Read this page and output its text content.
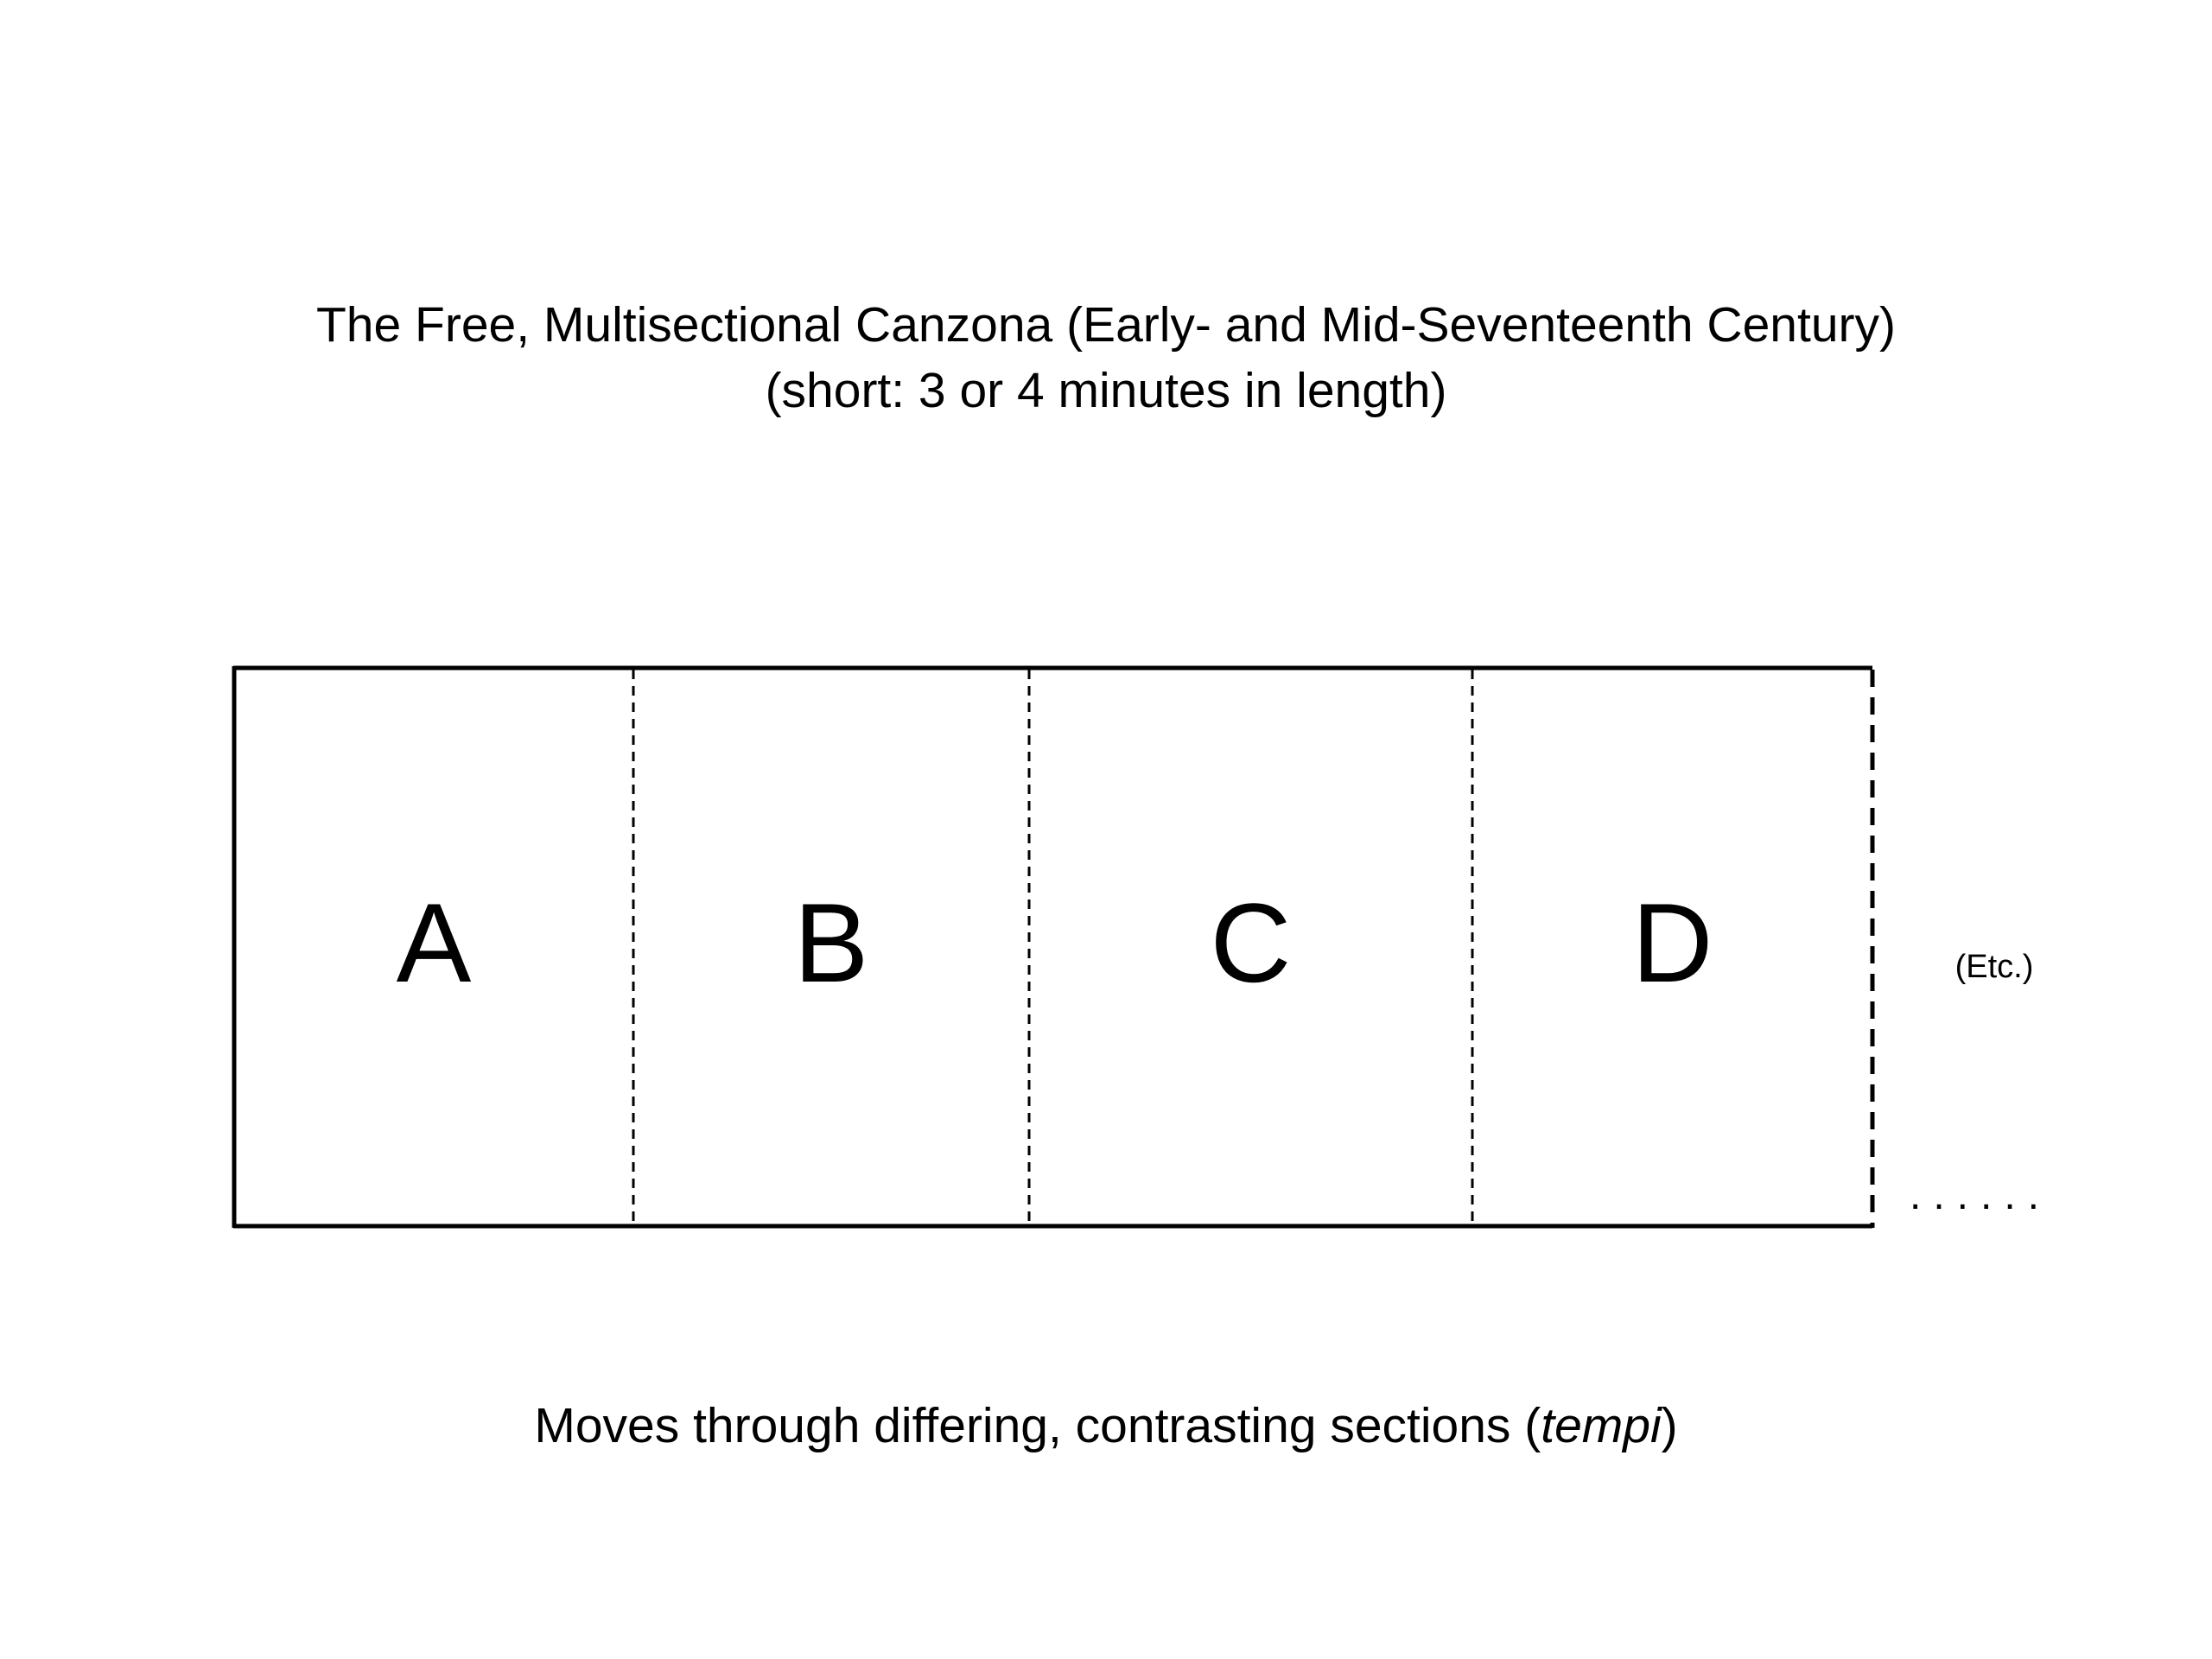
The Free, Multisectional Canzona (Early- and Mid-Seventeenth Century)
(short: 3 or 4 minutes in length)
A	B	C	D	(Etc.)
......
Moves through differing, contrasting sections (tempi)
